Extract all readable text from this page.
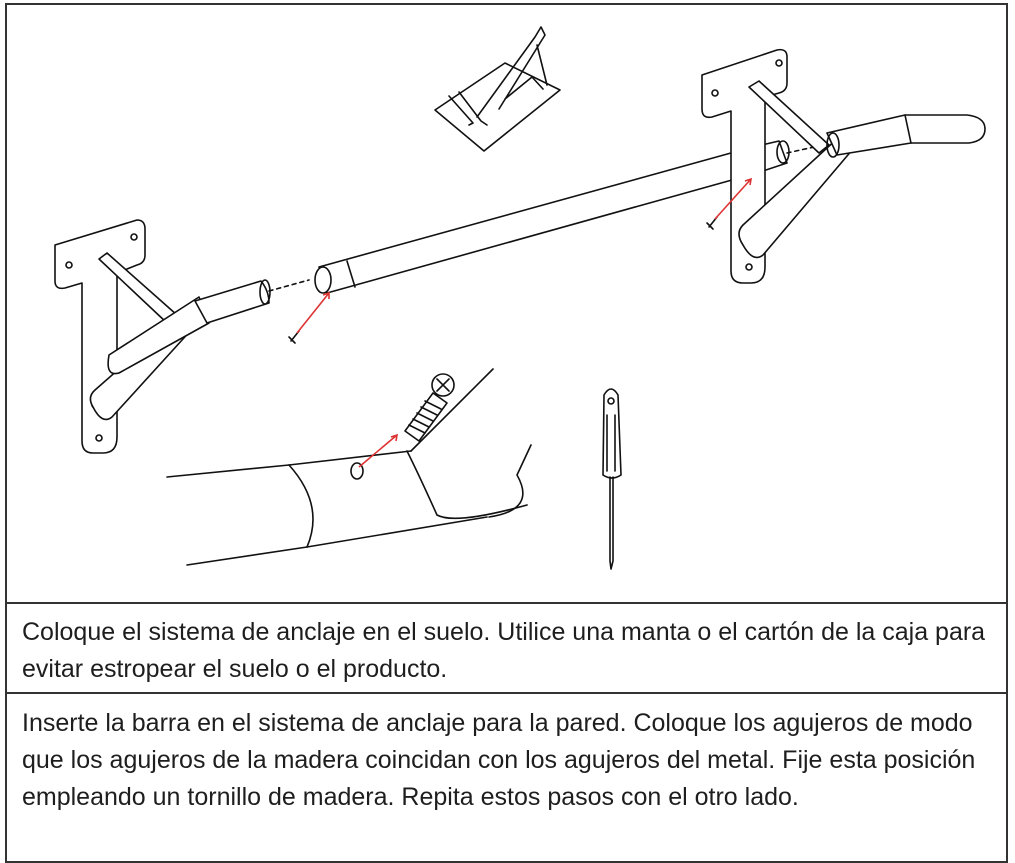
Coloque el sistema de anclaje en el suelo. Utilice una manta o el cartón de la caja para evitar estropear el suelo o el producto.

Inserte la barra en el sistema de anclaje para la pared. Coloque los agujeros de modo que los agujeros de la madera coincidan con los agujeros del metal. Fije esta posición empleando un tornillo de madera. Repita estos pasos con el otro lado.
